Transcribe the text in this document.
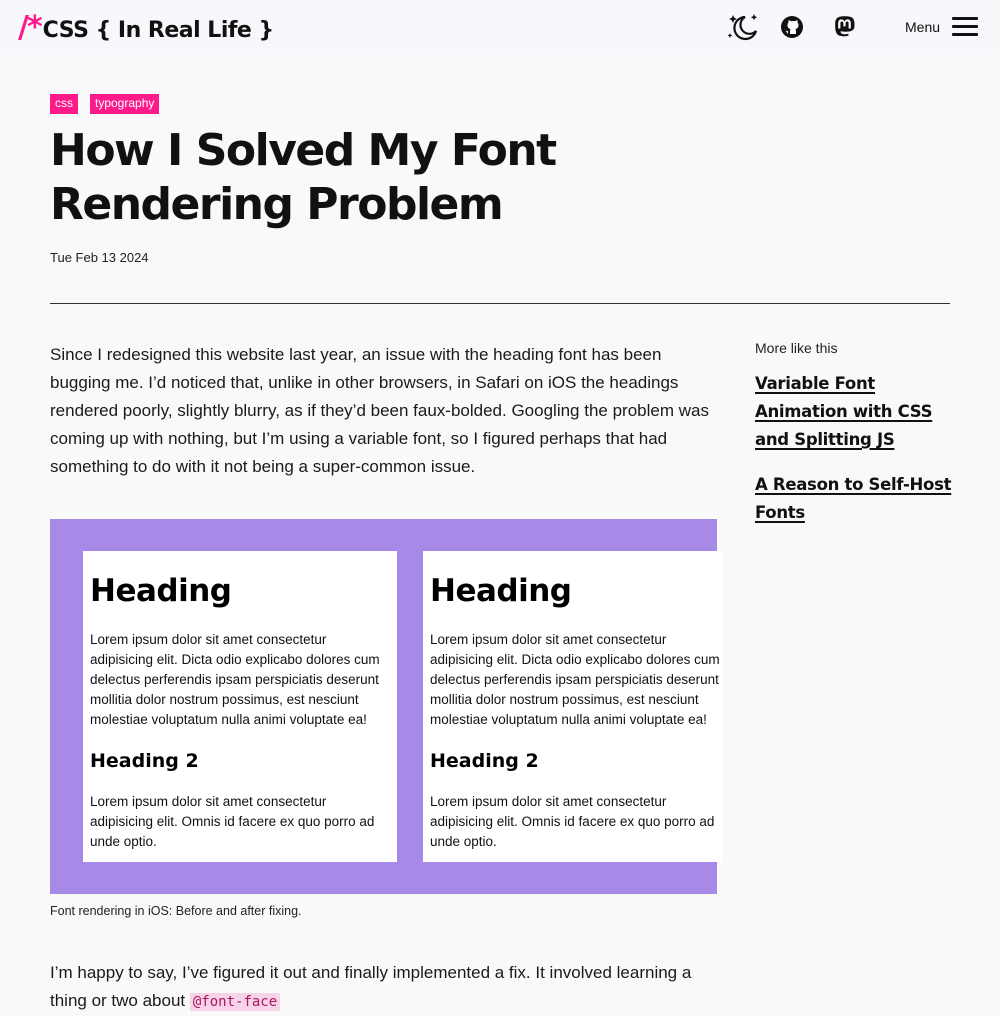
/* CSS { In Real Life }	Menu
css	typography
How I Solved My Font Rendering Problem
Tue Feb 13 2024

Since I redesigned this website last year, an issue with the heading font has been bugging me. I’d noticed that, unlike in other browsers, in Safari on iOS the headings rendered poorly, slightly blurry, as if they’d been faux-bolded. Googling the problem was coming up with nothing, but I’m using a variable font, so I figured perhaps that had something to do with it not being a super-common issue.

More like this
Variable Font Animation with CSS and Splitting JS
A Reason to Self-Host Fonts
Heading

Lorem ipsum dolor sit amet consectetur adipisicing elit. Dicta odio explicabo dolores cum delectus perferendis ipsam perspiciatis deserunt mollitia dolor nostrum possimus, est nesciunt molestiae voluptatum nulla animi voluptate ea!

Heading 2

Lorem ipsum dolor sit amet consectetur adipisicing elit. Omnis id facere ex quo porro ad unde optio.

Heading

Lorem ipsum dolor sit amet consectetur adipisicing elit. Dicta odio explicabo dolores cum delectus perferendis ipsam perspiciatis deserunt mollitia dolor nostrum possimus, est nesciunt molestiae voluptatum nulla animi voluptate ea!

Heading 2

Lorem ipsum dolor sit amet consectetur adipisicing elit. Omnis id facere ex quo porro ad unde optio.

Font rendering in iOS: Before and after fixing.

I’m happy to say, I’ve figured it out and finally implemented a fix. It involved learning a thing or two about @font-face
